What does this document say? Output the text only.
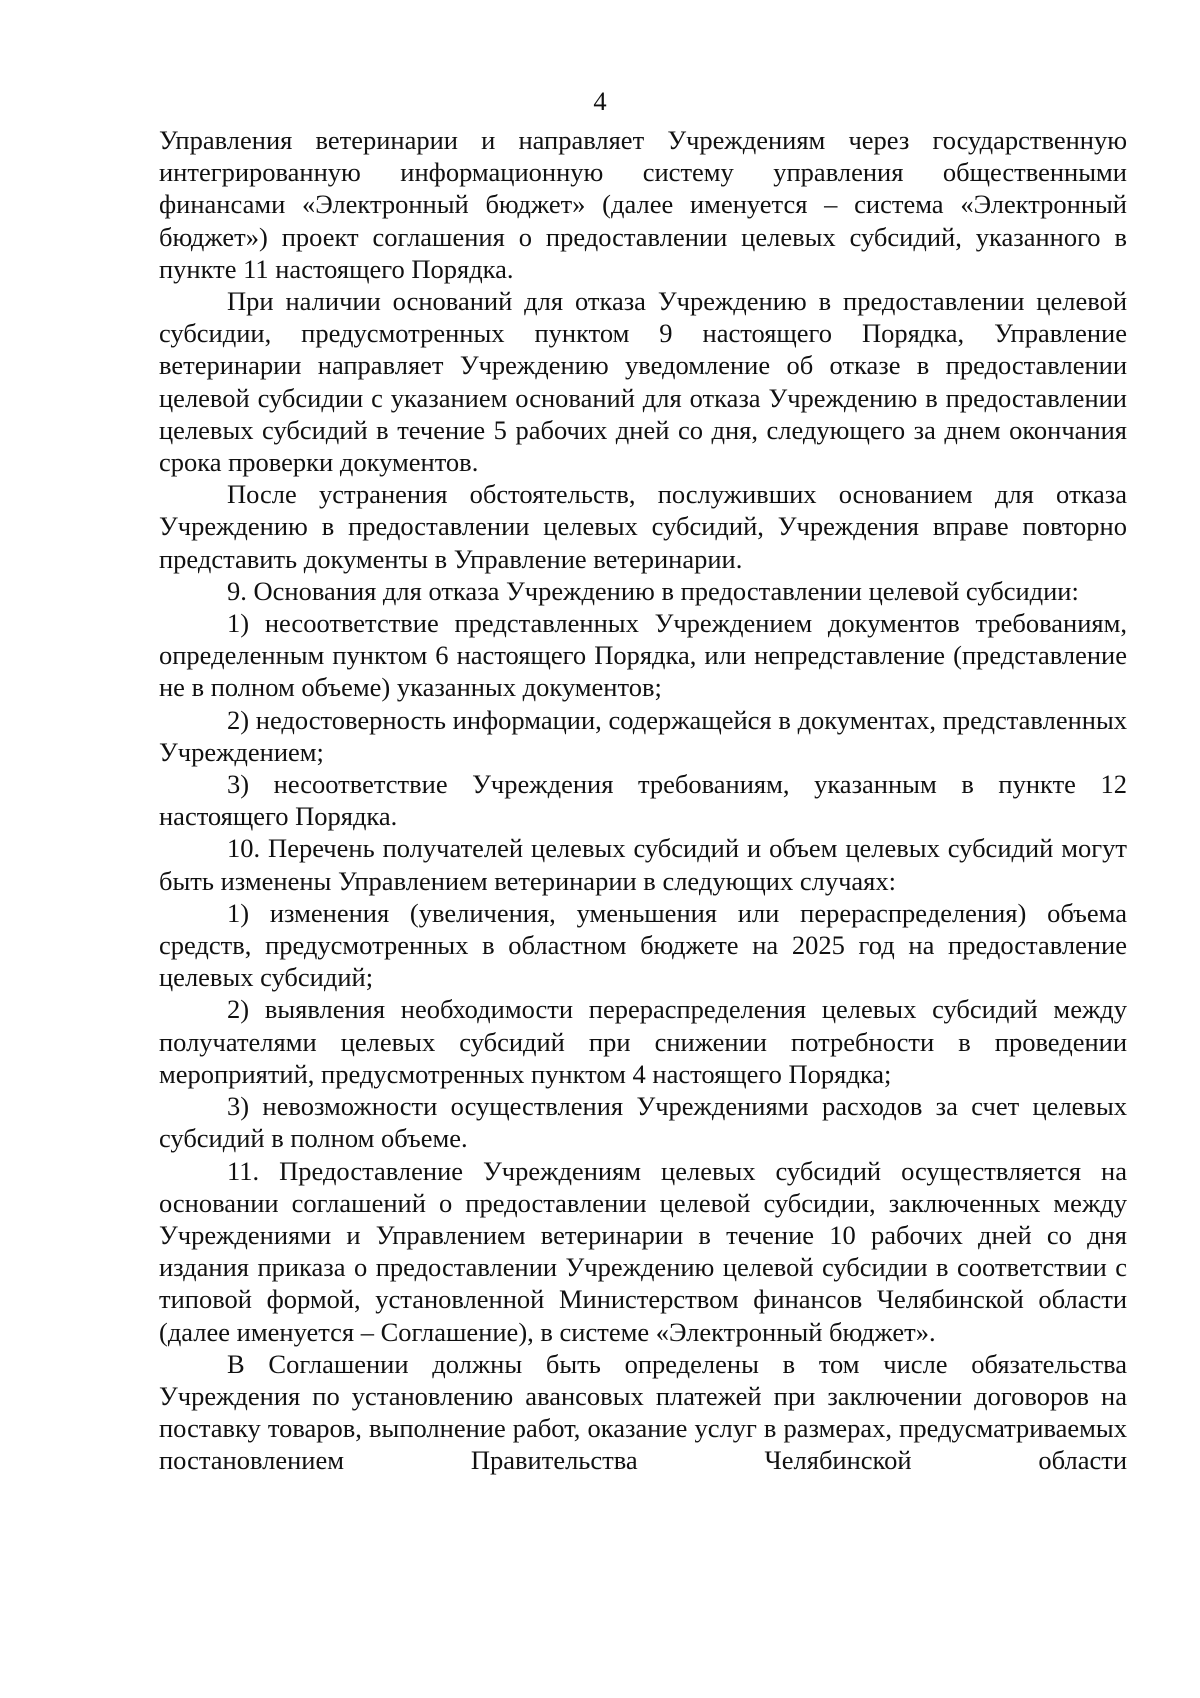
4

Управления ветеринарии и направляет Учреждениям через государственную интегрированную информационную систему управления общественными финансами «Электронный бюджет» (далее именуется – система «Электронный бюджет») проект соглашения о предоставлении целевых субсидий, указанного в пункте 11 настоящего Порядка.

При наличии оснований для отказа Учреждению в предоставлении целевой субсидии, предусмотренных пунктом 9 настоящего Порядка, Управление ветеринарии направляет Учреждению уведомление об отказе в предоставлении целевой субсидии с указанием оснований для отказа Учреждению в предоставлении целевых субсидий в течение 5 рабочих дней со дня, следующего за днем окончания срока проверки документов.

После устранения обстоятельств, послуживших основанием для отказа Учреждению в предоставлении целевых субсидий, Учреждения вправе повторно представить документы в Управление ветеринарии.

9. Основания для отказа Учреждению в предоставлении целевой субсидии:

1) несоответствие представленных Учреждением документов требованиям, определенным пунктом 6 настоящего Порядка, или непредставление (представление не в полном объеме) указанных документов;

2) недостоверность информации, содержащейся в документах, представленных Учреждением;

3) несоответствие Учреждения требованиям, указанным в пункте 12 настоящего Порядка.

10. Перечень получателей целевых субсидий и объем целевых субсидий могут быть изменены Управлением ветеринарии в следующих случаях:

1) изменения (увеличения, уменьшения или перераспределения) объема средств, предусмотренных в областном бюджете на 2025 год на предоставление целевых субсидий;

2) выявления необходимости перераспределения целевых субсидий между получателями целевых субсидий при снижении потребности в проведении мероприятий, предусмотренных пунктом 4 настоящего Порядка;

3) невозможности осуществления Учреждениями расходов за счет целевых субсидий в полном объеме.

11. Предоставление Учреждениям целевых субсидий осуществляется на основании соглашений о предоставлении целевой субсидии, заключенных между Учреждениями и Управлением ветеринарии в течение 10 рабочих дней со дня издания приказа о предоставлении Учреждению целевой субсидии в соответствии с типовой формой, установленной Министерством финансов Челябинской области (далее именуется – Соглашение), в системе «Электронный бюджет».

В Соглашении должны быть определены в том числе обязательства Учреждения по установлению авансовых платежей при заключении договоров на поставку товаров, выполнение работ, оказание услуг в размерах, предусматриваемых постановлением Правительства Челябинской области
